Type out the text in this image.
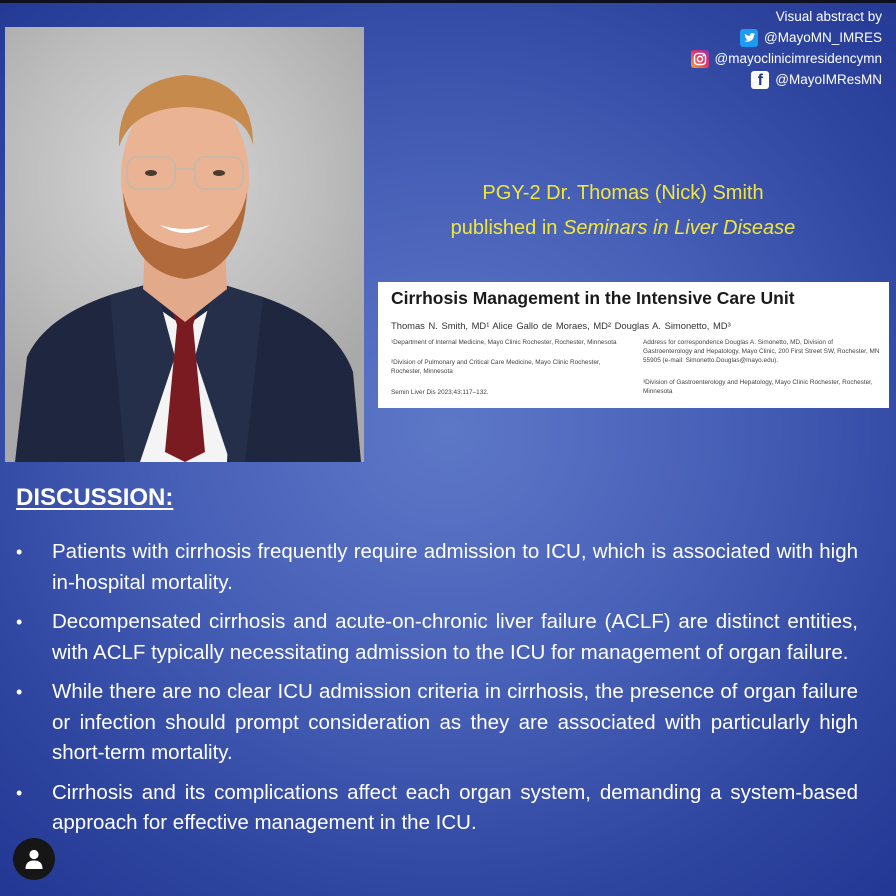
Visual abstract by
@MayoMN_IMRES
@mayoclinicimresidencymn
f @MayoIMResMN
PGY-2 Dr. Thomas (Nick) Smith
published in Seminars in Liver Disease
Cirrhosis Management in the Intensive Care Unit
Thomas N. Smith, MD¹ Alice Gallo de Moraes, MD² Douglas A. Simonetto, MD³
¹Department of Internal Medicine, Mayo Clinic Rochester, Rochester, Minnesota
²Division of Pulmonary and Critical Care Medicine, Mayo Clinic Rochester, Rochester, Minnesota
Semin Liver Dis 2023;43:117–132.
Address for correspondence Douglas A. Simonetto, MD, Division of Gastroenterology and Hepatology, Mayo Clinic, 200 First Street SW, Rochester, MN 55905 (e-mail: Simonetto.Douglas@mayo.edu).
³Division of Gastroenterology and Hepatology, Mayo Clinic Rochester, Rochester, Minnesota
DISCUSSION:
•	Patients with cirrhosis frequently require admission to ICU, which is associated with high in-hospital mortality.
•	Decompensated cirrhosis and acute-on-chronic liver failure (ACLF) are distinct entities, with ACLF typically necessitating admission to the ICU for management of organ failure.
•	While there are no clear ICU admission criteria in cirrhosis, the presence of organ failure or infection should prompt consideration as they are associated with particularly high short-term mortality.
•	Cirrhosis and its complications affect each organ system, demanding a system-based approach for effective management in the ICU.
